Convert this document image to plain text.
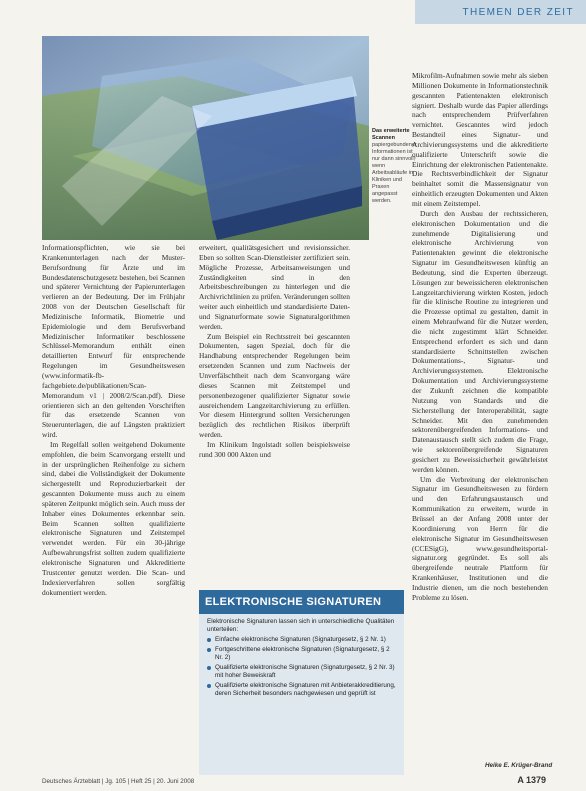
THEMEN DER ZEIT
Das erweiterte Scannen
papiergebundener Informationen ist nur dann sinnvoll, wenn Arbeitsabläufe in Kliniken und Praxen angepasst werden.

Informationspflichten, wie sie bei Krankenunterlagen nach der Muster-Berufsordnung für Ärzte und im Bundesdatenschutzgesetz bestehen, bei Scannen und späterer Vernichtung der Papierunterlagen verlieren an der Bedeutung. Der im Frühjahr 2008 von der Deutschen Gesellschaft für Medizinische Informatik, Biometrie und Epidemiologie und dem Berufsverband Medizinischer Informatiker beschlossene Schlüssel-Memorandum enthält einen detaillierten Entwurf für entsprechende Regelungen im Gesundheitswesen (www.informatik-fb-fachgebiete.de/publikationen/Scan-Memorandum v1 | 2008/2/Scan.pdf). Diese orientieren sich an den geltenden Vorschriften für das ersetzende Scannen von Steuerunterlagen, die auf Längsten praktiziert wird.

Im Regelfall sollen weitgehend Dokumente empfohlen, die beim Scanvorgang erstellt und in der ursprünglichen Reihenfolge zu sichern sind, dabei die Vollständigkeit der Dokumente sichergestellt und Reproduzierbarkeit der gescannten Dokumente muss auch zu einem späteren Zeitpunkt möglich sein. Auch muss der Inhaber eines Dokumentes erkennbar sein. Beim Scannen sollten qualifizierte elektronische Signaturen und Zeitstempel verwendet werden. Für ein 30-jährige Aufbewahrungsfrist sollten zudem qualifizierte elektronische Signaturen und Akkreditierte Trustcenter genutzt werden. Die Scan- und Indexierverfahren sollen sorgfältig dokumentiert werden.

erweitert, qualitätsgesichert und revisionssicher. Eben so sollten Scan-Dienstleister zertifiziert sein. Mögliche Prozesse, Arbeitsanweisungen und Zuständigkeiten sind in den Arbeitsbeschreibungen zu hinterlegen und die Archivrichtlinien zu prüfen. Veränderungen sollten weiter auch einheitlich und standardisierte Daten- und Signaturformate sowie Signaturalgorithmen werden.

Zum Beispiel ein Rechtsstreit bei gescannten Dokumenten, sagen Spezial, doch für die Handhabung entsprechender Regelungen beim ersetzenden Scannen und zum Nachweis der Unverfälschtheit nach dem Scanvorgang wäre dieses Scannen mit Zeitstempel und personenbezogener qualifizierter Signatur sowie ausreichendem Langzeitarchivierung zu erfüllen. Vor diesem Hintergrund sollten Versicherungen bezüglich des rechtlichen Risikos überprüft werden.

Im Klinikum Ingolstadt sollen beispielsweise rund 300 000 Akten und

Mikrofilm-Aufnahmen sowie mehr als sieben Millionen Dokumente in Informationstechnik gescannten Patientenakten elektronisch signiert. Deshalb wurde das Papier allerdings nach entsprechendem Prüfverfahren vernichtet. Gescanntes wird jedoch Bestandteil eines Signatur- und Archivierungssystems und die akkreditierte qualifizierte Unterschrift sowie die Einrichtung der elektronischen Patientenakte. Die Rechtsverbindlichkeit der Signatur beinhaltet somit die Massensignatur von einheitlich erzeugten Dokumenten und Akten mit einem Zeitstempel.

Durch den Ausbau der rechtssicheren, elektronischen Dokumentation und die zunehmende Digitalisierung und elektronische Archivierung von Patientenakten gewinnt die elektronische Signatur im Gesundheitswesen künftig an Bedeutung, sind die Experten überzeugt. Lösungen zur beweissicheren elektronischen Langzeitarchivierung wirkten Kosten, jedoch für die klinische Routine zu integrieren und die Prozesse optimal zu gestalten, damit in einem Mehraufwand für die Nutzer werden, die nicht zugestimmt klärt Schneider. Entsprechend erfordert es sich und dann standardisierte Schnittstellen zwischen Dokumentations-, Signatur- und Archivierungssystemen. Elektronische Dokumentation und Archivierungssysteme der Zukunft zeichnen die kompatible Nutzung von Standards und die Sicherstellung der Interoperabilität, sagte Schneider. Mit den zunehmenden sektorenübergreifenden Informations- und Datenaustausch stellt sich zudem die Frage, wie sektorenübergreifende Signaturen gesichert zu Beweissicherheit gewährleistet werden können.

Um die Verbreitung der elektronischen Signatur im Gesundheitswesen zu fördern und den Erfahrungsaustausch und Kommunikation zu erweitern, wurde in Brüssel an der Anfang 2008 unter der Koordinierung von Herrn für die elektronische Signatur im Gesundheitswesen (CCESigG), www.gesundheitsportal-signatur.org gegründet. Es soll als übergreifende neutrale Plattform für Krankenhäuser, Institutionen und die Industrie dienen, um die noch bestehenden Probleme zu lösen.

ELEKTRONISCHE SIGNATUREN
Elektronische Signaturen lassen sich in unterschiedliche Qualitäten unterteilen:
Einfache elektronische Signaturen (Signaturgesetz, § 2 Nr. 1)
Fortgeschrittene elektronische Signaturen (Signaturgesetz, § 2 Nr. 2)
Qualifizierte elektronische Signaturen (Signaturgesetz, § 2 Nr. 3) mit hoher Beweiskraft
Qualifizierte elektronische Signaturen mit Anbieterakkreditierung, deren Sicherheit besonders nachgewiesen und geprüft ist
Heike E. Krüger-Brand
Deutsches Ärzteblatt | Jg. 105 | Heft 25 | 20. Juni 2008	A 1379
